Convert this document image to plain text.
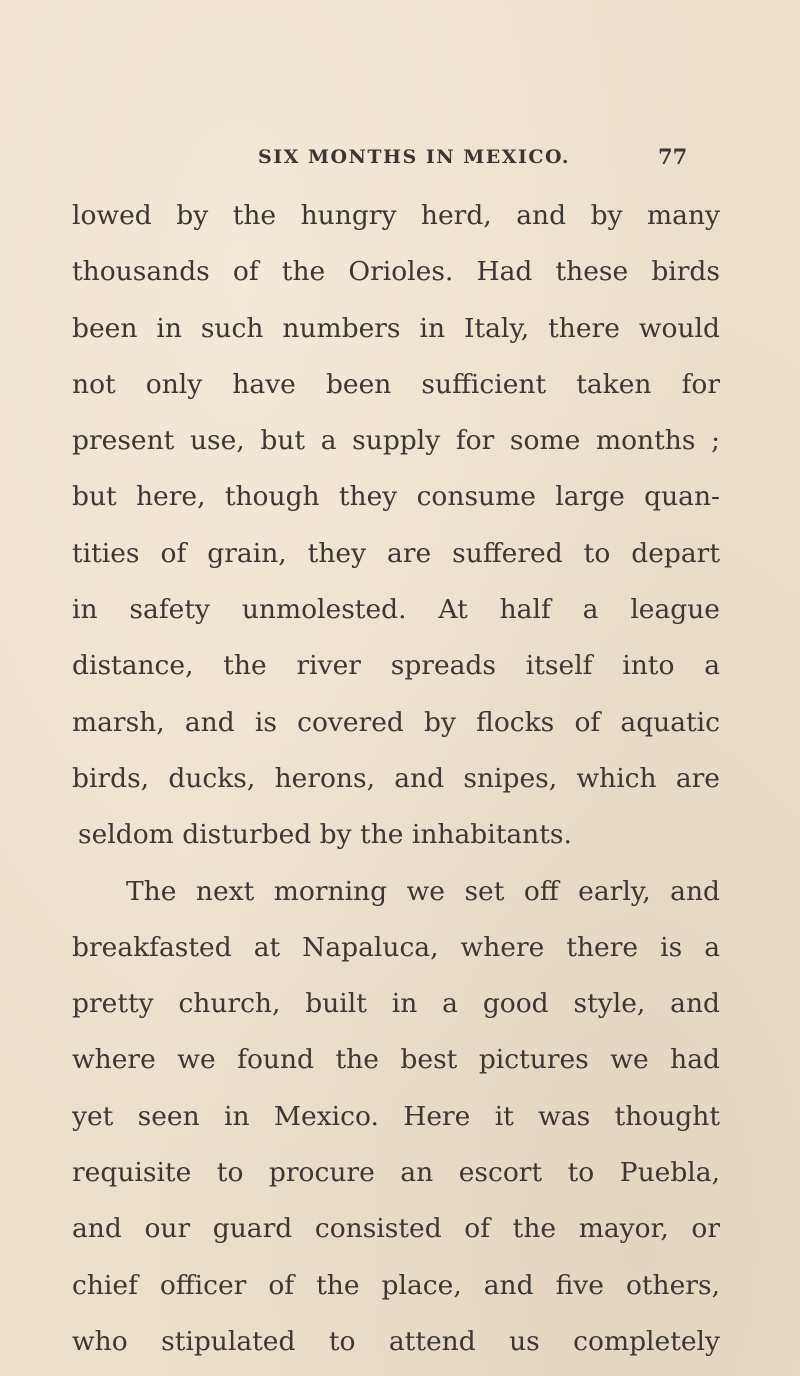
SIX MONTHS IN MEXICO.	77
lowed by the hungry herd, and by many
thousands of the Orioles. Had these birds
been in such numbers in Italy, there would
not only have been sufficient taken for
present use, but a supply for some months ;
but here, though they consume large quan-
tities of grain, they are suffered to depart
in safety unmolested. At half a league
distance, the river spreads itself into a
marsh, and is covered by flocks of aquatic
birds, ducks, herons, and snipes, which are
seldom disturbed by the inhabitants.
The next morning we set off early, and
breakfasted at Napaluca, where there is a
pretty church, built in a good style, and
where we found the best pictures we had
yet seen in Mexico. Here it was thought
requisite to procure an escort to Puebla,
and our guard consisted of the mayor, or
chief officer of the place, and five others,
who stipulated to attend us completely
